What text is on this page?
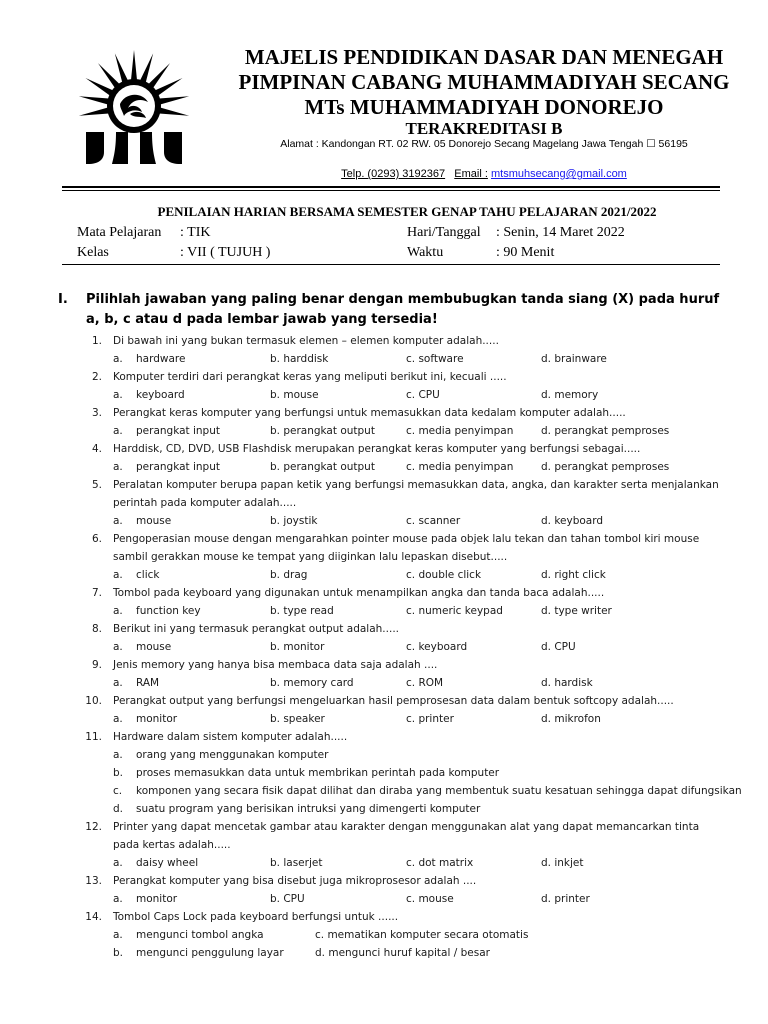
MAJELIS PENDIDIKAN DASAR DAN MENEGAH
PIMPINAN CABANG MUHAMMADIYAH SECANG
MTs MUHAMMADIYAH DONOREJO
TERAKREDITASI B
Alamat : Kandongan RT. 02 RW. 05 Donorejo Secang Magelang Jawa Tengah ☐ 56195
Telp. (0293) 3192367 Email : mtsmuhsecang@gmail.com
PENILAIAN HARIAN BERSAMA SEMESTER GENAP TAHU PELAJARAN 2021/2022
Mata Pelajaran : TIK
Kelas	: VII ( TUJUH )
Hari/Tanggal : Senin, 14 Maret 2022
Waktu	: 90 Menit
I. Pilihlah jawaban yang paling benar dengan membubugkan tanda siang (X) pada huruf a, b, c atau d pada lembar jawab yang tersedia!
1. Di bawah ini yang bukan termasuk elemen – elemen komputer adalah.....
a. hardware	b. harddisk	c. software	d. brainware
2. Komputer terdiri dari perangkat keras yang meliputi berikut ini, kecuali .....
a. keyboard	b. mouse	c. CPU	d. memory
3. Perangkat keras komputer yang berfungsi untuk memasukkan data kedalam komputer adalah.....
a. perangkat input	b. perangkat output	c. media penyimpan	d. perangkat pemproses
4. Harddisk, CD, DVD, USB Flashdisk merupakan perangkat keras komputer yang berfungsi sebagai.....
a. perangkat input	b. perangkat output	c. media penyimpan	d. perangkat pemproses
5. Peralatan komputer berupa papan ketik yang berfungsi memasukkan data, angka, dan karakter serta menjalankan perintah pada komputer adalah.....
a. mouse	b. joystik	c. scanner	d. keyboard
6. Pengoperasian mouse dengan mengarahkan pointer mouse pada objek lalu tekan dan tahan tombol kiri mouse sambil gerakkan mouse ke tempat yang diiginkan lalu lepaskan disebut.....
a. click	b. drag	c. double click	d. right click
7. Tombol pada keyboard yang digunakan untuk menampilkan angka dan tanda baca adalah.....
a. function key	b. type read	c. numeric keypad	d. type writer
8. Berikut ini yang termasuk perangkat output adalah.....
a. mouse	b. monitor	c. keyboard	d. CPU
9. Jenis memory yang hanya bisa membaca data saja adalah ....
a. RAM	b. memory card	c. ROM	d. hardisk
10. Perangkat output yang berfungsi mengeluarkan hasil pemprosesan data dalam bentuk softcopy adalah.....
a. monitor	b. speaker	c. printer	d. mikrofon
11. Hardware dalam sistem komputer adalah.....
a. orang yang menggunakan komputer
b. proses memasukkan data untuk membrikan perintah pada komputer
c. komponen yang secara fisik dapat dilihat dan diraba yang membentuk suatu kesatuan sehingga dapat difungsikan
d. suatu program yang berisikan intruksi yang dimengerti komputer
12. Printer yang dapat mencetak gambar atau karakter dengan menggunakan alat yang dapat memancarkan tinta pada kertas adalah.....
a. daisy wheel	b. laserjet	c. dot matrix	d. inkjet
13. Perangkat komputer yang bisa disebut juga mikroprosesor adalah ....
a. monitor	b. CPU	c. mouse	d. printer
14. Tombol Caps Lock pada keyboard berfungsi untuk ......
a. mengunci tombol angka	c. mematikan komputer secara otomatis
b. mengunci penggulung layar	d. mengunci huruf kapital / besar
